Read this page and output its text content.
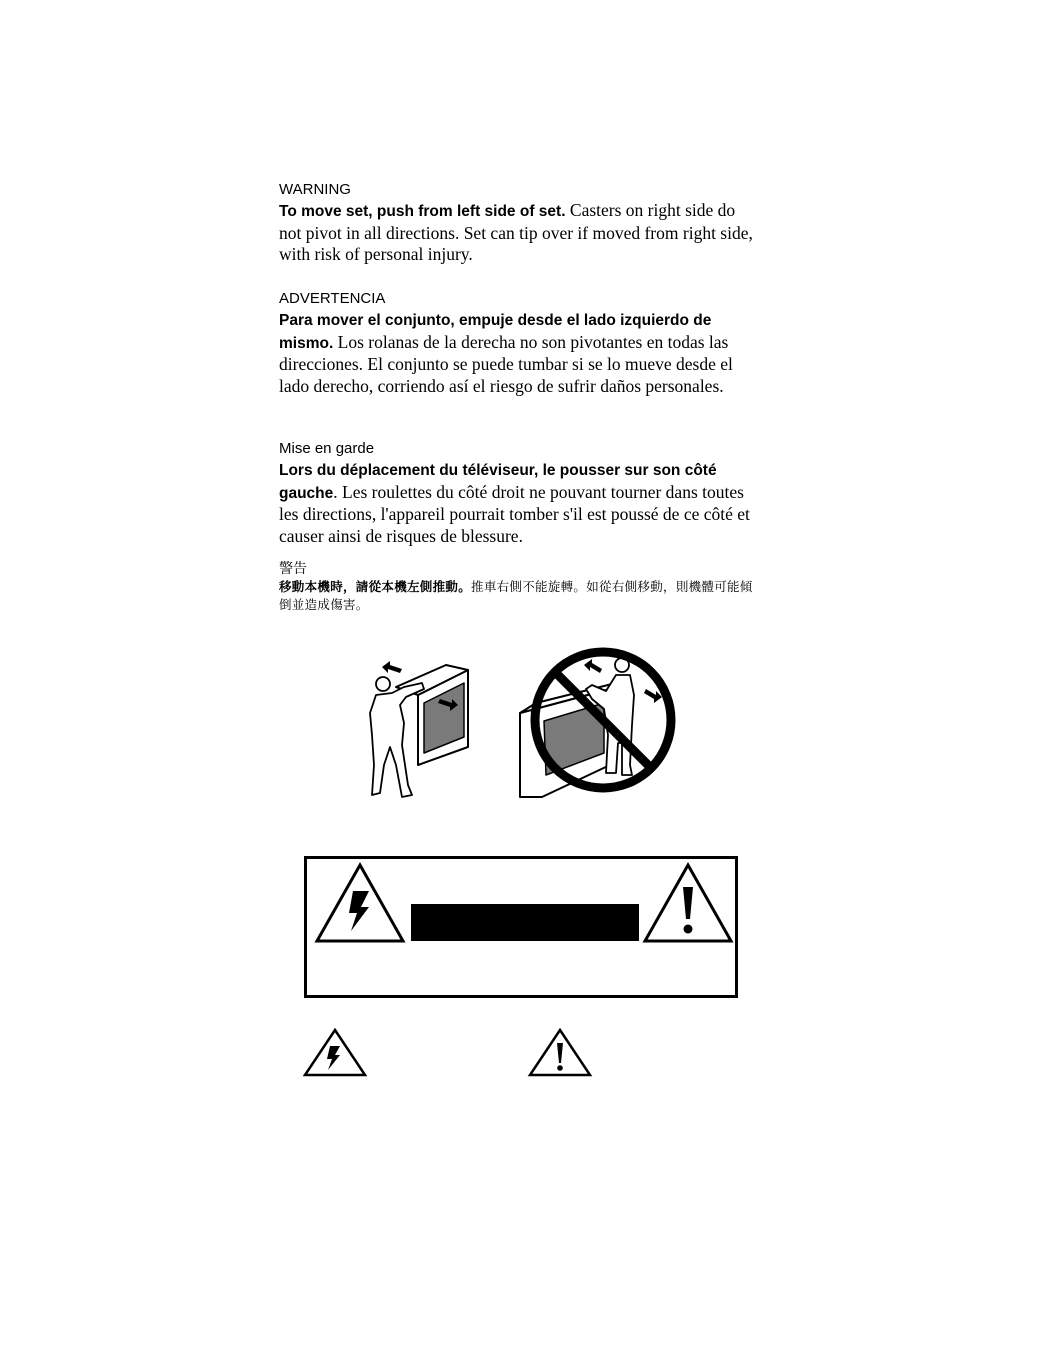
WARNING

To move set, push from left side of set. Casters on right side do not pivot in all directions. Set can tip over if moved from right side, with risk of personal injury.

ADVERTENCIA

Para mover el conjunto, empuje desde el lado izquierdo de mismo. Los rolanas de la derecha no son pivotantes en todas las direcciones. El conjunto se puede tumbar si se lo mueve desde el lado derecho, corriendo así el riesgo de sufrir daños personales.

Mise en garde

Lors du déplacement du téléviseur, le pousser sur son côté gauche. Les roulettes du côté droit ne pouvant tourner dans toutes les directions, l'appareil pourrait tomber s'il est poussé de ce côté et causer ainsi de risques de blessure.

警告

移動本機時，請從本機左側推動。推車右側不能旋轉。如從右側移動，則機體可能傾倒並造成傷害。
